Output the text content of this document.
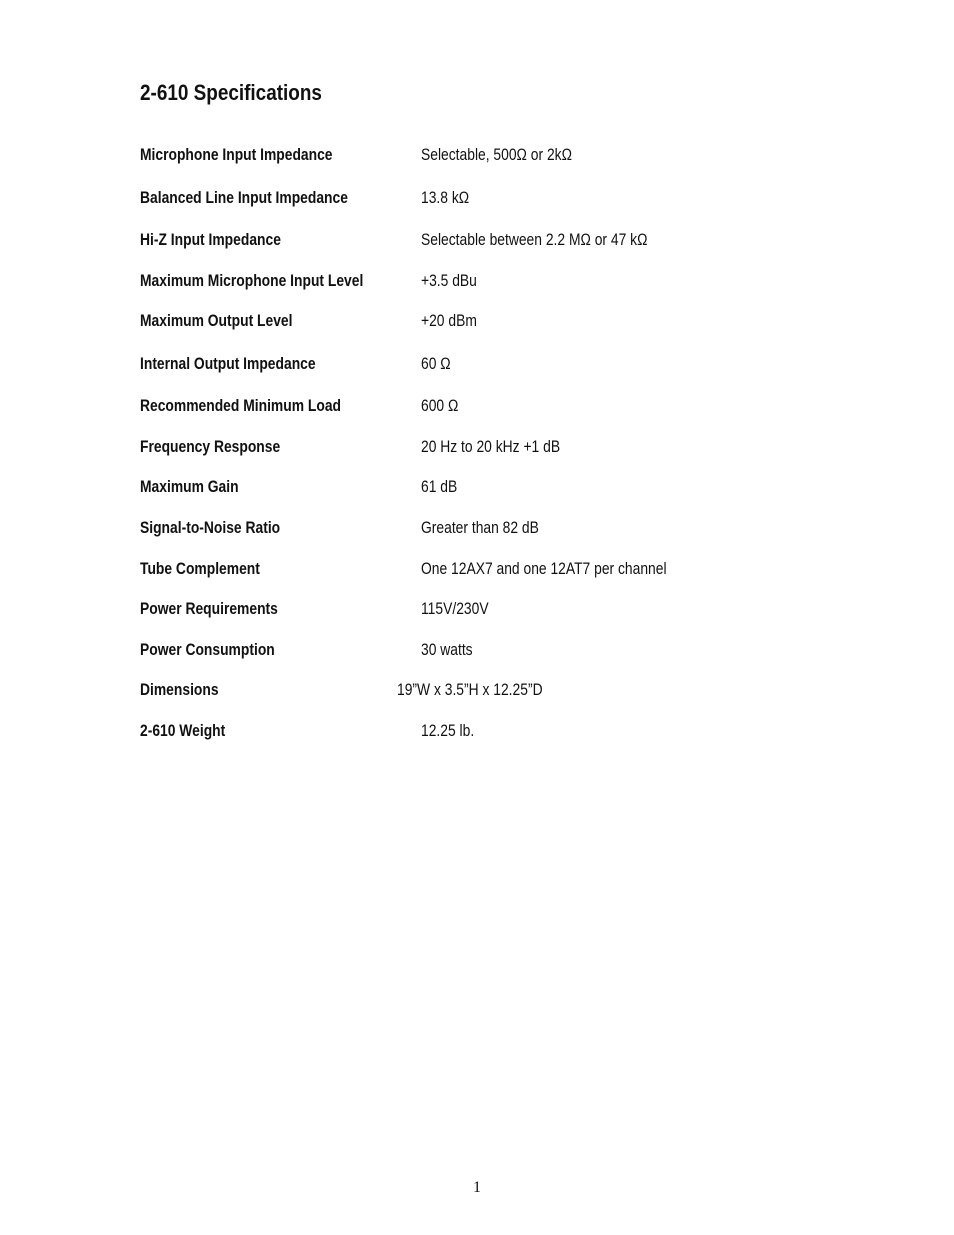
2-610 Specifications
Microphone Input Impedance	Selectable, 500Ω or 2kΩ
Balanced Line Input Impedance	13.8 kΩ
Hi-Z Input Impedance	Selectable between 2.2 MΩ or 47 kΩ
Maximum Microphone Input Level	+3.5 dBu
Maximum Output Level	+20 dBm
Internal Output Impedance	60 Ω
Recommended Minimum Load	600 Ω
Frequency Response	20 Hz to 20 kHz +1 dB
Maximum Gain	61 dB
Signal-to-Noise Ratio	Greater than 82 dB
Tube Complement	One 12AX7 and one 12AT7 per channel
Power Requirements	115V/230V
Power Consumption	30 watts
Dimensions	19”W x 3.5”H x 12.25”D
2-610 Weight	12.25 lb.
1
